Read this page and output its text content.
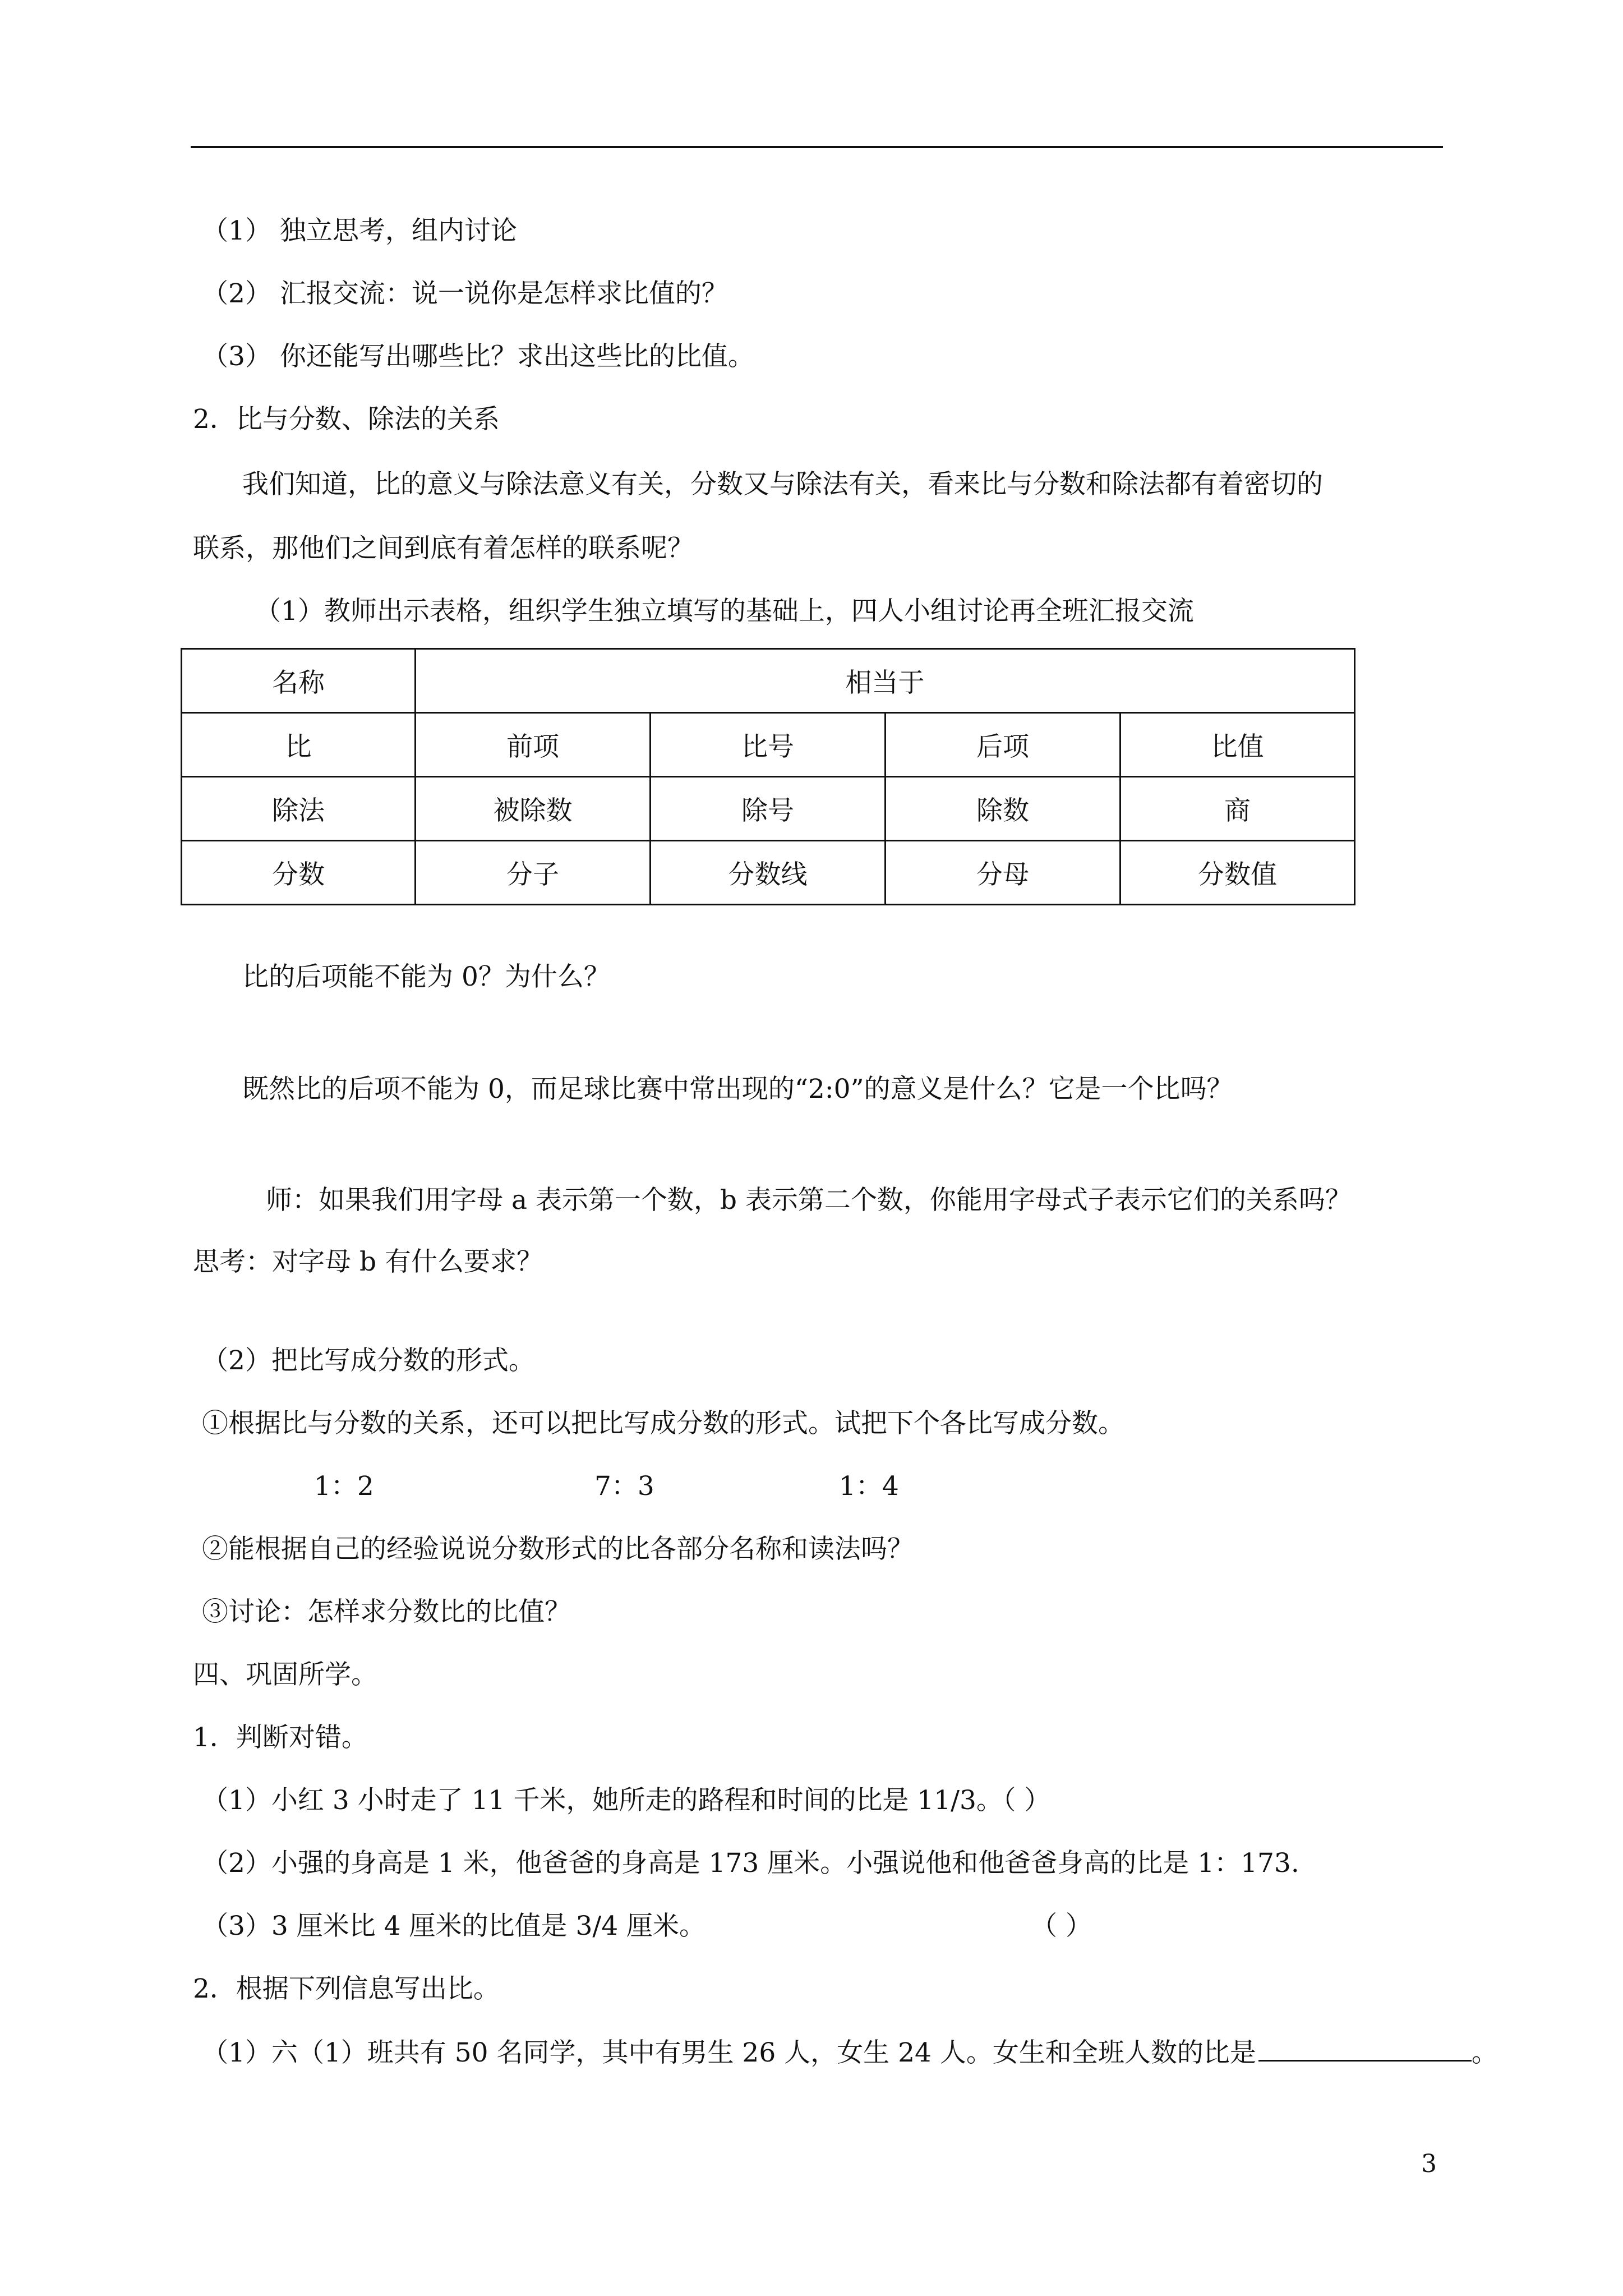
（1） 独立思考，组内讨论
（2） 汇报交流：说一说你是怎样求比值的？
（3） 你还能写出哪些比？求出这些比的比值。
2．比与分数、除法的关系
我们知道，比的意义与除法意义有关，分数又与除法有关，看来比与分数和除法都有着密切的
联系，那他们之间到底有着怎样的联系呢？
（1）教师出示表格，组织学生独立填写的基础上，四人小组讨论再全班汇报交流
名称	相当于			
比	前项	比号	后项	比值
除法	被除数	除号	除数	商
分数	分子	分数线	分母	分数值
比的后项能不能为 0？为什么？
既然比的后项不能为 0，而足球比赛中常出现的“2:0”的意义是什么？它是一个比吗？
师：如果我们用字母 a 表示第一个数，b 表示第二个数，你能用字母式子表示它们的关系吗？
思考：对字母 b 有什么要求？
（2）把比写成分数的形式。
①根据比与分数的关系，还可以把比写成分数的形式。试把下个各比写成分数。
1：2	7：3	1：4
②能根据自己的经验说说分数形式的比各部分名称和读法吗？
③讨论：怎样求分数比的比值？
四、巩固所学。
1．判断对错。
（1）小红 3 小时走了 11 千米，她所走的路程和时间的比是 11/3。（ ）
（2）小强的身高是 1 米，他爸爸的身高是 173 厘米。小强说他和他爸爸身高的比是 1：173.
（3）3 厘米比 4 厘米的比值是 3/4 厘米。	（ ）
2．根据下列信息写出比。
（1）六（1）班共有 50 名同学，其中有男生 26 人，女生 24 人。女生和全班人数的比是	。
3
